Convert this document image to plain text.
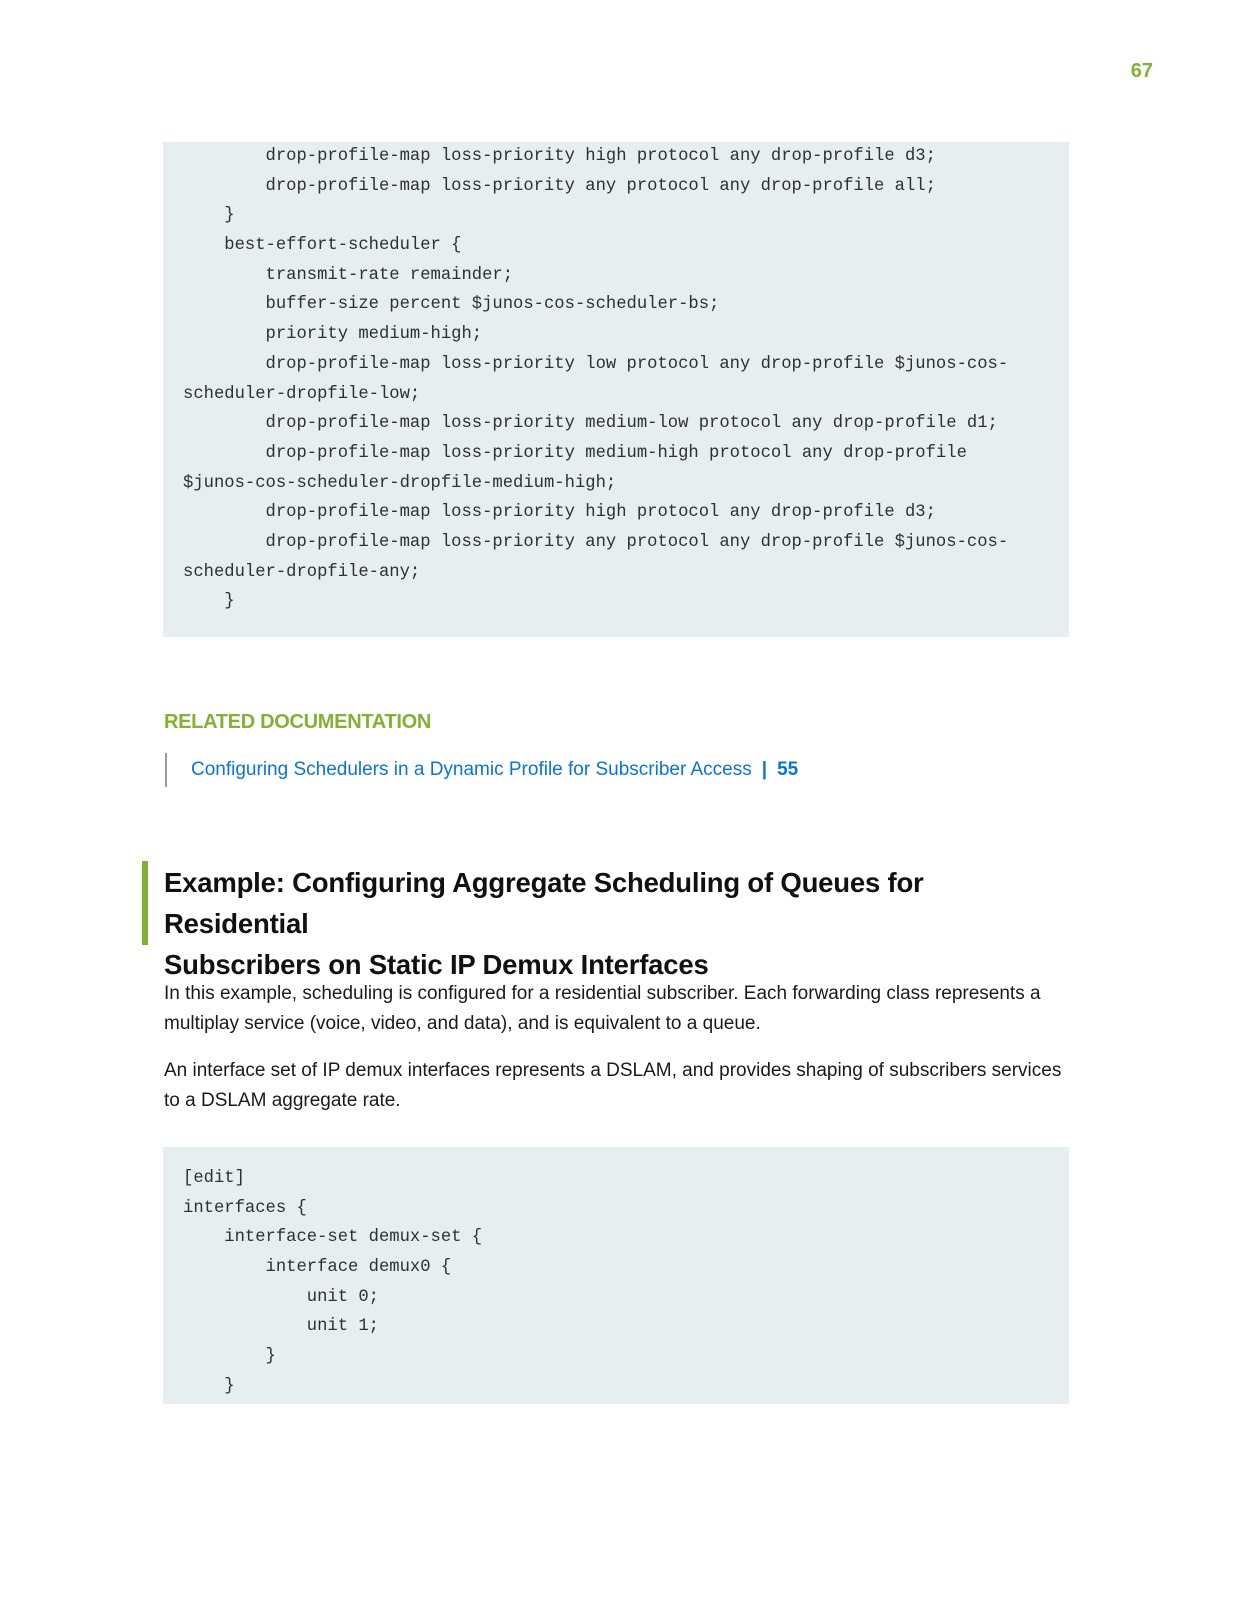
67
drop-profile-map loss-priority high protocol any drop-profile d3;
drop-profile-map loss-priority any protocol any drop-profile all;
}
best-effort-scheduler {
transmit-rate remainder;
buffer-size percent $junos-cos-scheduler-bs;
priority medium-high;
drop-profile-map loss-priority low protocol any drop-profile $junos-cos-
scheduler-dropfile-low;
drop-profile-map loss-priority medium-low protocol any drop-profile d1;
drop-profile-map loss-priority medium-high protocol any drop-profile
$junos-cos-scheduler-dropfile-medium-high;
drop-profile-map loss-priority high protocol any drop-profile d3;
drop-profile-map loss-priority any protocol any drop-profile $junos-cos-
scheduler-dropfile-any;
}
RELATED DOCUMENTATION
Configuring Schedulers in a Dynamic Profile for Subscriber Access | 55
Example: Configuring Aggregate Scheduling of Queues for Residential
Subscribers on Static IP Demux Interfaces

In this example, scheduling is configured for a residential subscriber. Each forwarding class represents a multiplay service (voice, video, and data), and is equivalent to a queue.

An interface set of IP demux interfaces represents a DSLAM, and provides shaping of subscribers services to a DSLAM aggregate rate.

[edit]
interfaces {
interface-set demux-set {
interface demux0 {
unit 0;
unit 1;
}
}
